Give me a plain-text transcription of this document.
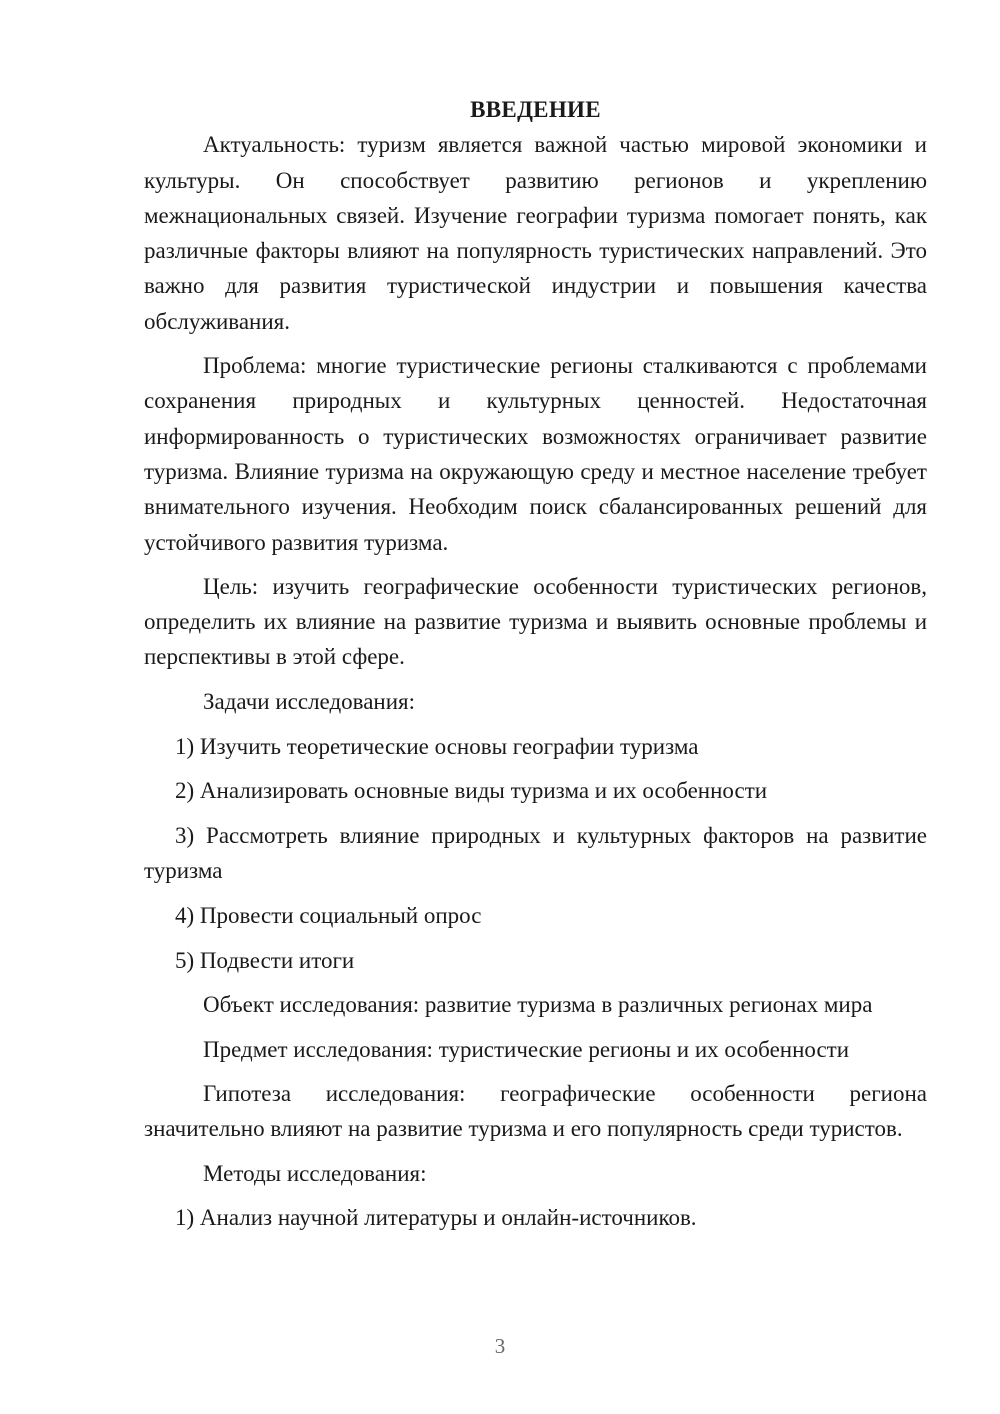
ВВЕДЕНИЕ

Актуальность: туризм является важной частью мировой экономики и культуры. Он способствует развитию регионов и укреплению межнациональных связей. Изучение географии туризма помогает понять, как различные факторы влияют на популярность туристических направлений. Это важно для развития туристической индустрии и повышения качества обслуживания.

Проблема: многие туристические регионы сталкиваются с проблемами сохранения природных и культурных ценностей. Недостаточная информированность о туристических возможностях ограничивает развитие туризма. Влияние туризма на окружающую среду и местное население требует внимательного изучения. Необходим поиск сбалансированных решений для устойчивого развития туризма.

Цель: изучить географические особенности туристических регионов, определить их влияние на развитие туризма и выявить основные проблемы и перспективы в этой сфере.

Задачи исследования:

1) Изучить теоретические основы географии туризма

2) Анализировать основные виды туризма и их особенности

3) Рассмотреть влияние природных и культурных факторов на развитие туризма

4) Провести социальный опрос

5) Подвести итоги

Объект исследования: развитие туризма в различных регионах мира

Предмет исследования: туристические регионы и их особенности

Гипотеза исследования: географические особенности региона значительно влияют на развитие туризма и его популярность среди туристов.

Методы исследования:

1) Анализ научной литературы и онлайн-источников.

3
